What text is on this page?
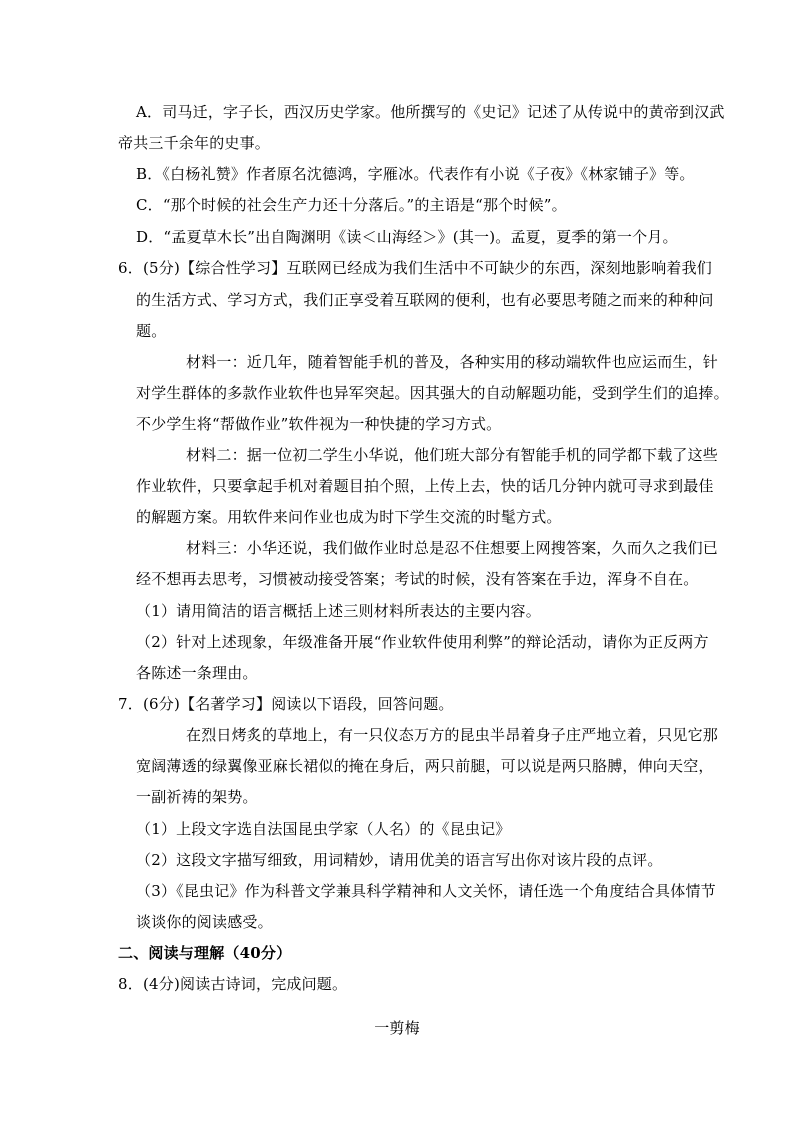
A．司马迁，字子长，西汉历史学家。他所撰写的《史记》记述了从传说中的黄帝到汉武
帝共三千余年的史事。
B．《白杨礼赞》作者原名沈德鸿，字雁冰。代表作有小说《子夜》《林家铺子》等。
C．“那个时候的社会生产力还十分落后。”的主语是“那个时候”。
D．“孟夏草木长”出自陶渊明《读＜山海经＞》(其一)。孟夏，夏季的第一个月。
6．(5分)【综合性学习】互联网已经成为我们生活中不可缺少的东西，深刻地影响着我们
的生活方式、学习方式，我们正享受着互联网的便利，也有必要思考随之而来的种种问
题。
材料一：近几年，随着智能手机的普及，各种实用的移动端软件也应运而生，针
对学生群体的多款作业软件也异军突起。因其强大的自动解题功能，受到学生们的追捧。
不少学生将“帮做作业”软件视为一种快捷的学习方式。
材料二：据一位初二学生小华说，他们班大部分有智能手机的同学都下载了这些
作业软件，只要拿起手机对着题目拍个照，上传上去，快的话几分钟内就可寻求到最佳
的解题方案。用软件来问作业也成为时下学生交流的时髦方式。
材料三：小华还说，我们做作业时总是忍不住想要上网搜答案，久而久之我们已
经不想再去思考，习惯被动接受答案；考试的时候，没有答案在手边，浑身不自在。
（1）请用简洁的语言概括上述三则材料所表达的主要内容。
（2）针对上述现象，年级准备开展“作业软件使用利弊”的辩论活动，请你为正反两方
各陈述一条理由。
7．(6分)【名著学习】阅读以下语段，回答问题。
在烈日烤炙的草地上，有一只仪态万方的昆虫半昂着身子庄严地立着，只见它那
宽阔薄透的绿翼像亚麻长裙似的掩在身后，两只前腿，可以说是两只胳膊，伸向天空，
一副祈祷的架势。
（1）上段文字选自法国昆虫学家（人名）的《昆虫记》
（2）这段文字描写细致，用词精妙，请用优美的语言写出你对该片段的点评。
（3）《昆虫记》作为科普文学兼具科学精神和人文关怀，请任选一个角度结合具体情节
谈谈你的阅读感受。
二、阅读与理解（40分）
8．(4分)阅读古诗词，完成问题。
一剪梅
